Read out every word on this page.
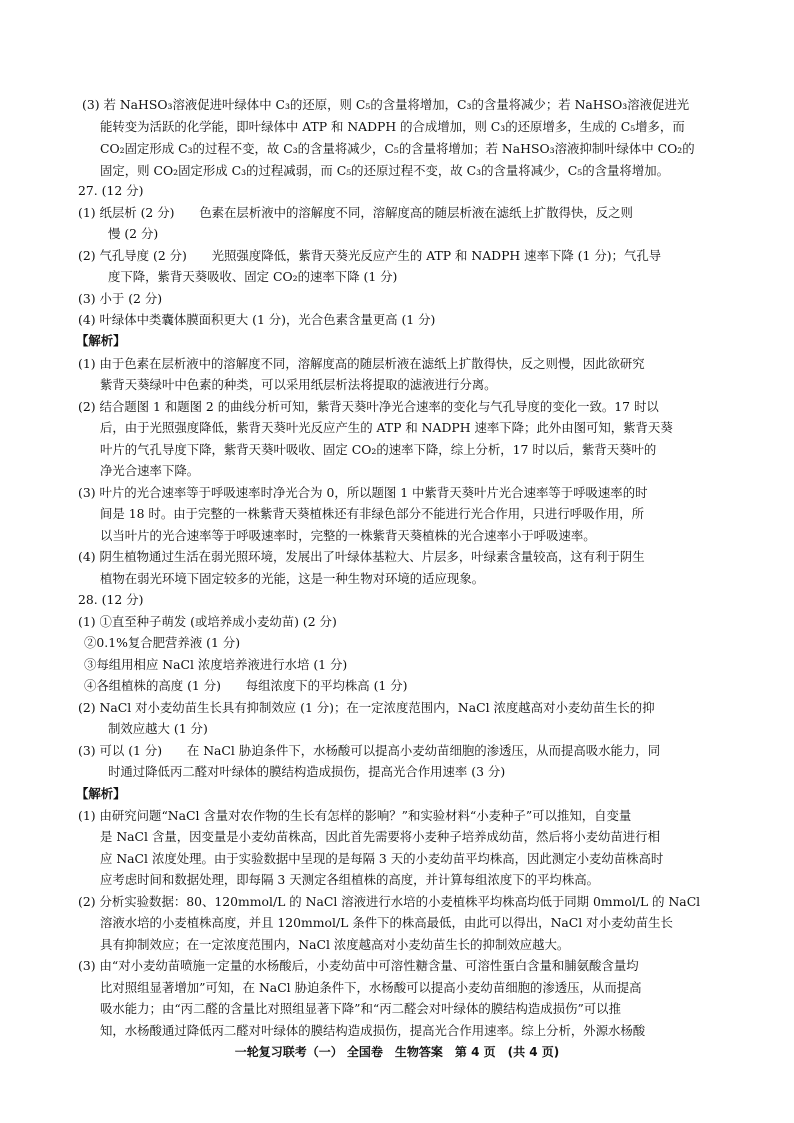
(3) 若 NaHSO₃溶液促进叶绿体中 C₃的还原，则 C₅的含量将增加，C₃的含量将减少；若 NaHSO₃溶液促进光
能转变为活跃的化学能，即叶绿体中 ATP 和 NADPH 的合成增加，则 C₃的还原增多，生成的 C₅增多，而
CO₂固定形成 C₃的过程不变，故 C₃的含量将减少，C₅的含量将增加；若 NaHSO₃溶液抑制叶绿体中 CO₂的
固定，则 CO₂固定形成 C₃的过程减弱，而 C₅的还原过程不变，故 C₃的含量将减少，C₅的含量将增加。
27. (12 分)
(1) 纸层析 (2 分)　　色素在层析液中的溶解度不同，溶解度高的随层析液在滤纸上扩散得快，反之则
慢 (2 分)
(2) 气孔导度 (2 分)　　光照强度降低，紫背天葵光反应产生的 ATP 和 NADPH 速率下降 (1 分)；气孔导
度下降，紫背天葵吸收、固定 CO₂的速率下降 (1 分)
(3) 小于 (2 分)
(4) 叶绿体中类囊体膜面积更大 (1 分)，光合色素含量更高 (1 分)
【解析】
(1) 由于色素在层析液中的溶解度不同，溶解度高的随层析液在滤纸上扩散得快，反之则慢，因此欲研究
紫背天葵绿叶中色素的种类，可以采用纸层析法将提取的滤液进行分离。
(2) 结合题图 1 和题图 2 的曲线分析可知，紫背天葵叶净光合速率的变化与气孔导度的变化一致。17 时以
后，由于光照强度降低，紫背天葵叶光反应产生的 ATP 和 NADPH 速率下降；此外由图可知，紫背天葵
叶片的气孔导度下降，紫背天葵叶吸收、固定 CO₂的速率下降，综上分析，17 时以后，紫背天葵叶的
净光合速率下降。
(3) 叶片的光合速率等于呼吸速率时净光合为 0，所以题图 1 中紫背天葵叶片光合速率等于呼吸速率的时
间是 18 时。由于完整的一株紫背天葵植株还有非绿色部分不能进行光合作用，只进行呼吸作用，所
以当叶片的光合速率等于呼吸速率时，完整的一株紫背天葵植株的光合速率小于呼吸速率。
(4) 阴生植物通过生活在弱光照环境，发展出了叶绿体基粒大、片层多，叶绿素含量较高，这有利于阴生
植物在弱光环境下固定较多的光能，这是一种生物对环境的适应现象。
28. (12 分)
(1) ①直至种子萌发 (或培养成小麦幼苗) (2 分)
②0.1%复合肥营养液 (1 分)
③每组用相应 NaCl 浓度培养液进行水培 (1 分)
④各组植株的高度 (1 分)　　每组浓度下的平均株高 (1 分)
(2) NaCl 对小麦幼苗生长具有抑制效应 (1 分)；在一定浓度范围内，NaCl 浓度越高对小麦幼苗生长的抑
制效应越大 (1 分)
(3) 可以 (1 分)　　在 NaCl 胁迫条件下，水杨酸可以提高小麦幼苗细胞的渗透压，从而提高吸水能力，同
时通过降低丙二醛对叶绿体的膜结构造成损伤，提高光合作用速率 (3 分)
【解析】
(1) 由研究问题“NaCl 含量对农作物的生长有怎样的影响？”和实验材料“小麦种子”可以推知，自变量
是 NaCl 含量，因变量是小麦幼苗株高，因此首先需要将小麦种子培养成幼苗，然后将小麦幼苗进行相
应 NaCl 浓度处理。由于实验数据中呈现的是每隔 3 天的小麦幼苗平均株高，因此测定小麦幼苗株高时
应考虑时间和数据处理，即每隔 3 天测定各组植株的高度，并计算每组浓度下的平均株高。
(2) 分析实验数据：80、120mmol/L 的 NaCl 溶液进行水培的小麦植株平均株高均低于同期 0mmol/L 的 NaCl
溶液水培的小麦植株高度，并且 120mmol/L 条件下的株高最低，由此可以得出，NaCl 对小麦幼苗生长
具有抑制效应；在一定浓度范围内，NaCl 浓度越高对小麦幼苗生长的抑制效应越大。
(3) 由“对小麦幼苗喷施一定量的水杨酸后，小麦幼苗中可溶性糖含量、可溶性蛋白含量和脯氨酸含量均
比对照组显著增加”可知，在 NaCl 胁迫条件下，水杨酸可以提高小麦幼苗细胞的渗透压，从而提高
吸水能力；由“丙二醛的含量比对照组显著下降”和“丙二醛会对叶绿体的膜结构造成损伤”可以推
知，水杨酸通过降低丙二醛对叶绿体的膜结构造成损伤，提高光合作用速率。综上分析，外源水杨酸
一轮复习联考（一） 全国卷　生物答案　第 4 页　(共 4 页)
